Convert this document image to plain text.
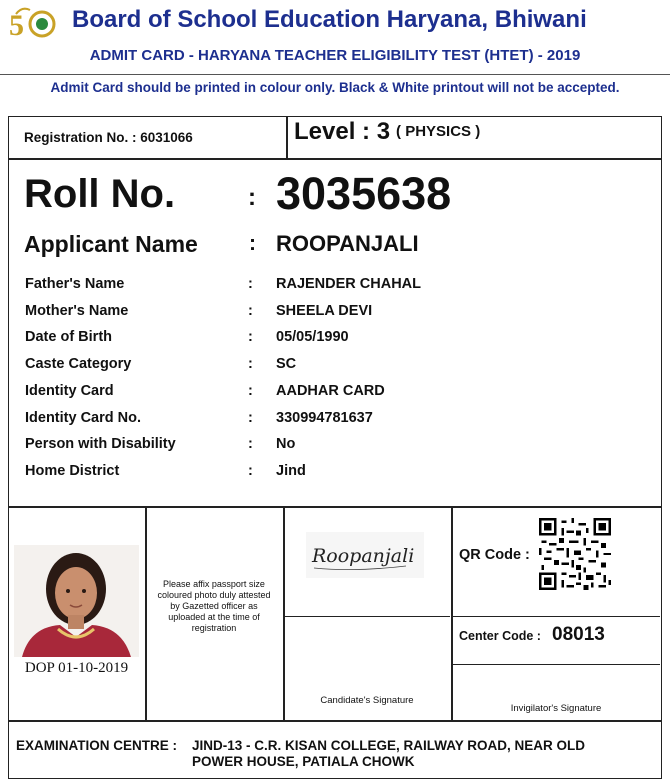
5 Board of School Education Haryana, Bhiwani
ADMIT CARD - HARYANA TEACHER ELIGIBILITY TEST (HTET) - 2019
Admit Card should be printed in colour only. Black & White printout will not be accepted.
Registration No. : 6031066	Level : 3 ( PHYSICS )
Roll No.	: 3035638
Applicant Name : ROOPANJALI
Father's Name	: RAJENDER CHAHAL
Mother's Name	: SHEELA DEVI
Date of Birth	: 05/05/1990
Caste Category	: SC
Identity Card	: AADHAR CARD
Identity Card No.	: 330994781637
Person with Disability	: No
Home District	: Jind
DOP 01-10-2019
Please affix passport size coloured photo duly attested by Gazetted officer as uploaded at the time of registration
Roopanjali
Candidate's Signature
QR Code :
Center Code : 08013
Invigilator's Signature
EXAMINATION CENTRE : JIND-13 - C.R. KISAN COLLEGE, RAILWAY ROAD, NEAR OLD POWER HOUSE, PATIALA CHOWK
